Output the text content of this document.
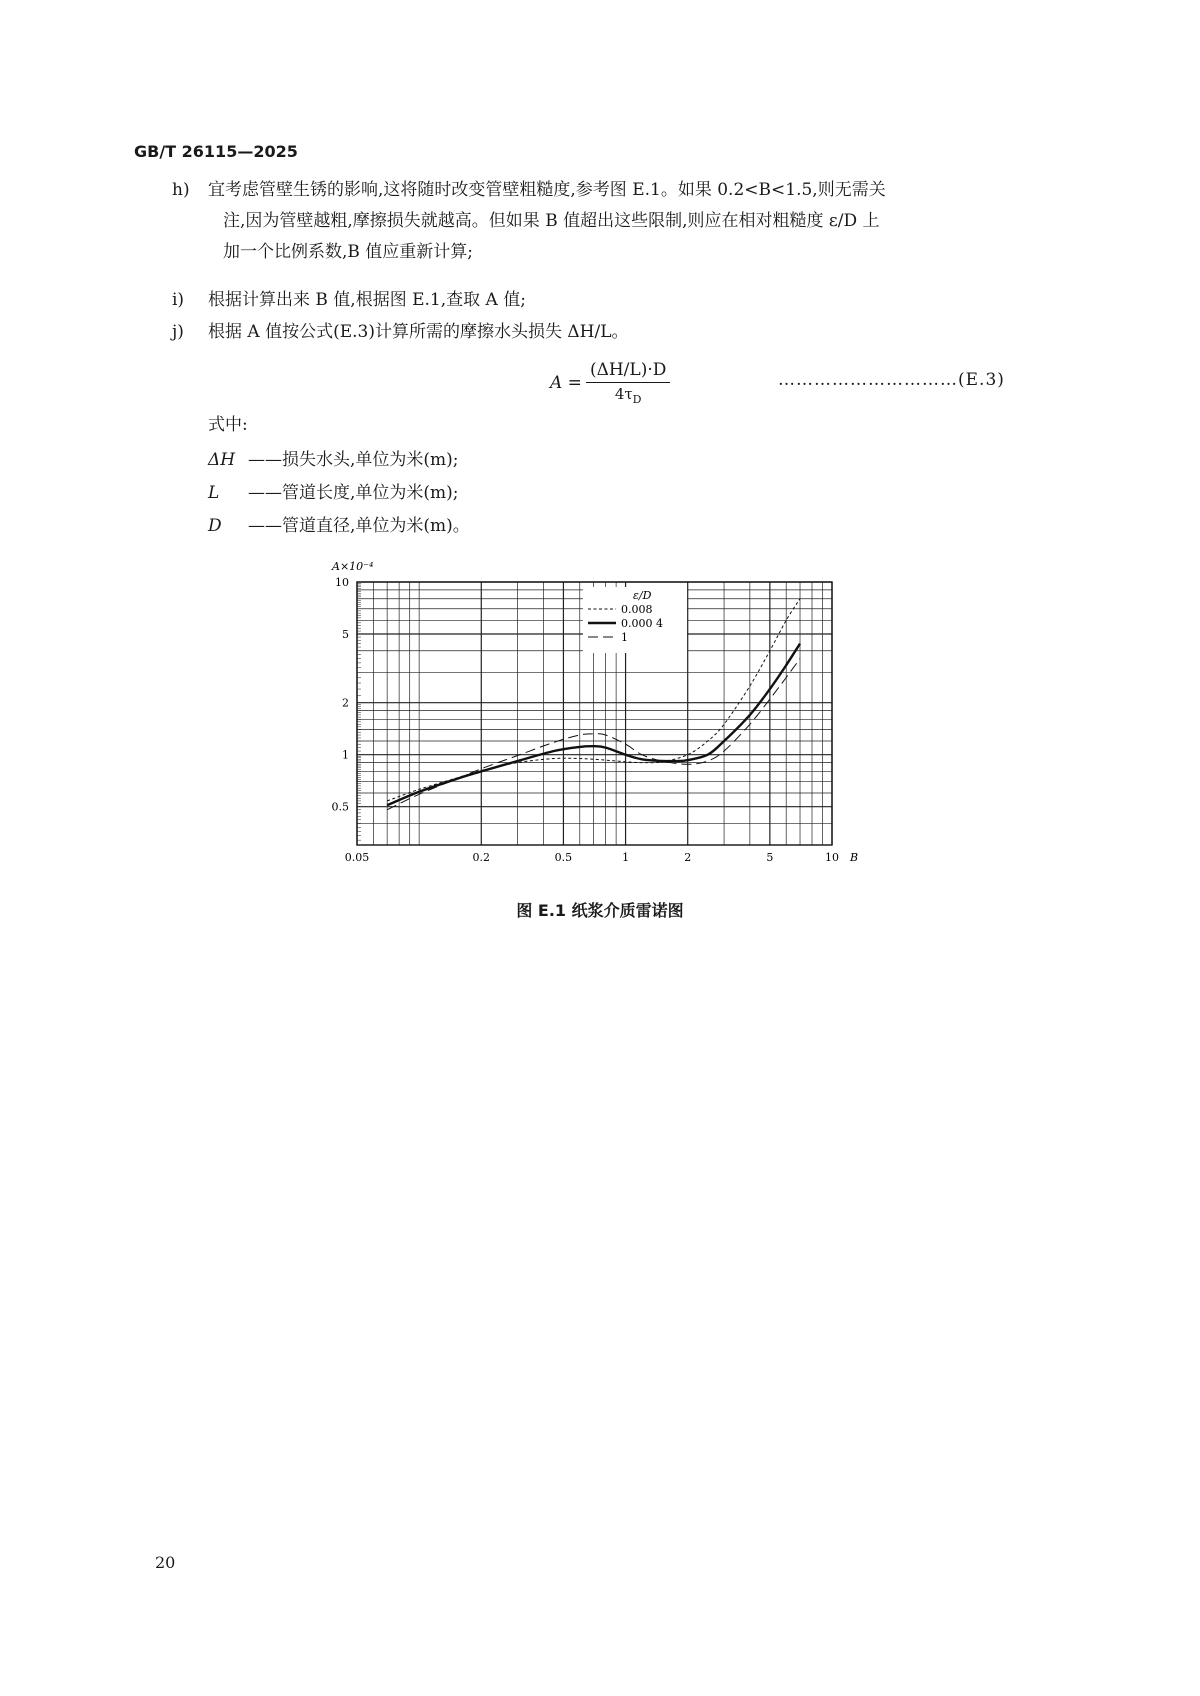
GB/T 26115—2025
h) 宜考虑管壁生锈的影响,这将随时改变管壁粗糙度,参考图 E.1。如果 0.2<B<1.5,则无需关
注,因为管壁越粗,摩擦损失就越高。但如果 B 值超出这些限制,则应在相对粗糙度 ε/D 上
加一个比例系数,B 值应重新计算;
i) 根据计算出来 B 值,根据图 E.1,查取 A 值;
j) 根据 A 值按公式(E.3)计算所需的摩擦水头损失 ΔH/L。
$A = \frac{(\Delta H/L)\cdot D}{4\tau_D}$	…………………………(E.3)
式中:
ΔH ——损失水头,单位为米(m);
L ——管道长度,单位为米(m);
D ——管道直径,单位为米(m)。
0.5
1
2
5
10
0.05	0.2	0.5	1	2	5	10
A×10⁻⁴
B
ε/D
0.008
0.000 4
1
图 E.1 纸浆介质雷诺图
20
